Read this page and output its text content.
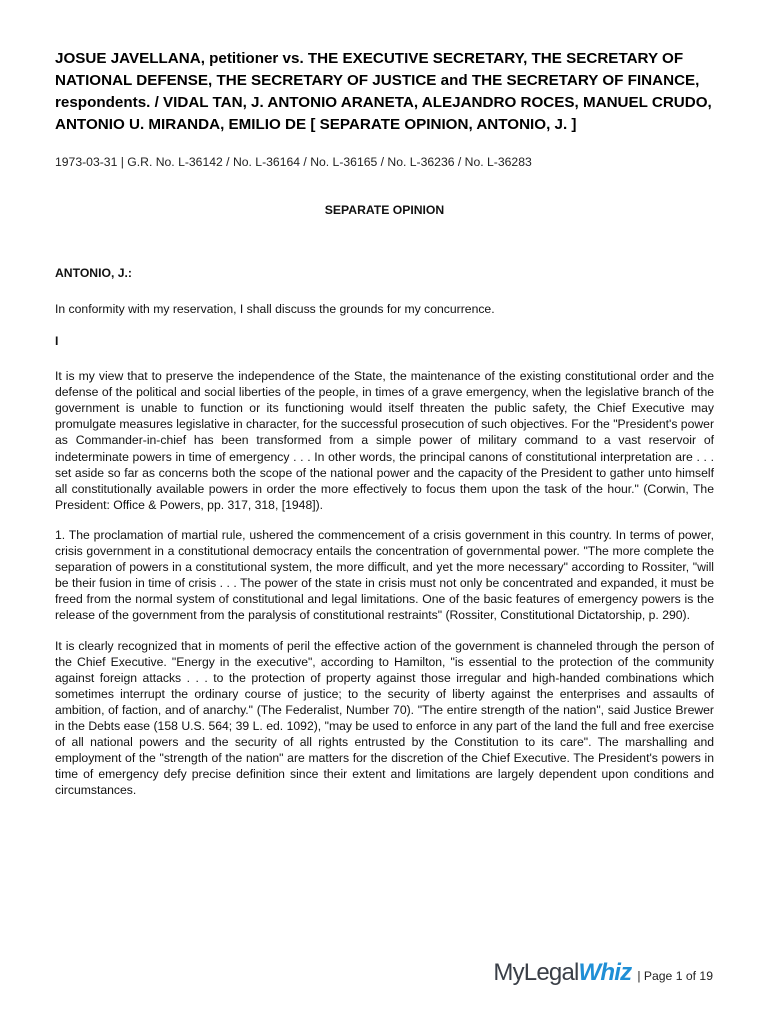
JOSUE JAVELLANA, petitioner vs. THE EXECUTIVE SECRETARY, THE SECRETARY OF NATIONAL DEFENSE, THE SECRETARY OF JUSTICE and THE SECRETARY OF FINANCE, respondents. / VIDAL TAN, J. ANTONIO ARANETA, ALEJANDRO ROCES, MANUEL CRUDO, ANTONIO U. MIRANDA, EMILIO DE [ SEPARATE OPINION, ANTONIO, J. ]
1973-03-31 | G.R. No. L-36142 / No. L-36164 / No. L-36165 / No. L-36236 / No. L-36283
SEPARATE OPINION
ANTONIO, J.:

In conformity with my reservation, I shall discuss the grounds for my concurrence.

I

It is my view that to preserve the independence of the State, the maintenance of the existing constitutional order and the defense of the political and social liberties of the people, in times of a grave emergency, when the legislative branch of the government is unable to function or its functioning would itself threaten the public safety, the Chief Executive may promulgate measures legislative in character, for the successful prosecution of such objectives. For the "President's power as Commander-in-chief has been transformed from a simple power of military command to a vast reservoir of indeterminate powers in time of emergency . . . In other words, the principal canons of constitutional interpretation are . . . set aside so far as concerns both the scope of the national power and the capacity of the President to gather unto himself all constitutionally available powers in order the more effectively to focus them upon the task of the hour." (Corwin, The President: Office & Powers, pp. 317, 318, [1948]).

1. The proclamation of martial rule, ushered the commencement of a crisis government in this country. In terms of power, crisis government in a constitutional democracy entails the concentration of governmental power. "The more complete the separation of powers in a constitutional system, the more difficult, and yet the more necessary" according to Rossiter, "will be their fusion in time of crisis . . . The power of the state in crisis must not only be concentrated and expanded, it must be freed from the normal system of constitutional and legal limitations. One of the basic features of emergency powers is the release of the government from the paralysis of constitutional restraints" (Rossiter, Constitutional Dictatorship, p. 290).

It is clearly recognized that in moments of peril the effective action of the government is channeled through the person of the Chief Executive. "Energy in the executive", according to Hamilton, "is essential to the protection of the community against foreign attacks . . . to the protection of property against those irregular and high-handed combinations which sometimes interrupt the ordinary course of justice; to the security of liberty against the enterprises and assaults of ambition, of faction, and of anarchy." (The Federalist, Number 70). "The entire strength of the nation", said Justice Brewer in the Debts ease (158 U.S. 564; 39 L. ed. 1092), "may be used to enforce in any part of the land the full and free exercise of all national powers and the security of all rights entrusted by the Constitution to its care". The marshalling and employment of the "strength of the nation" are matters for the discretion of the Chief Executive. The President's powers in time of emergency defy precise definition since their extent and limitations are largely dependent upon conditions and circumstances.

MyLegal Whiz | Page 1 of 19
